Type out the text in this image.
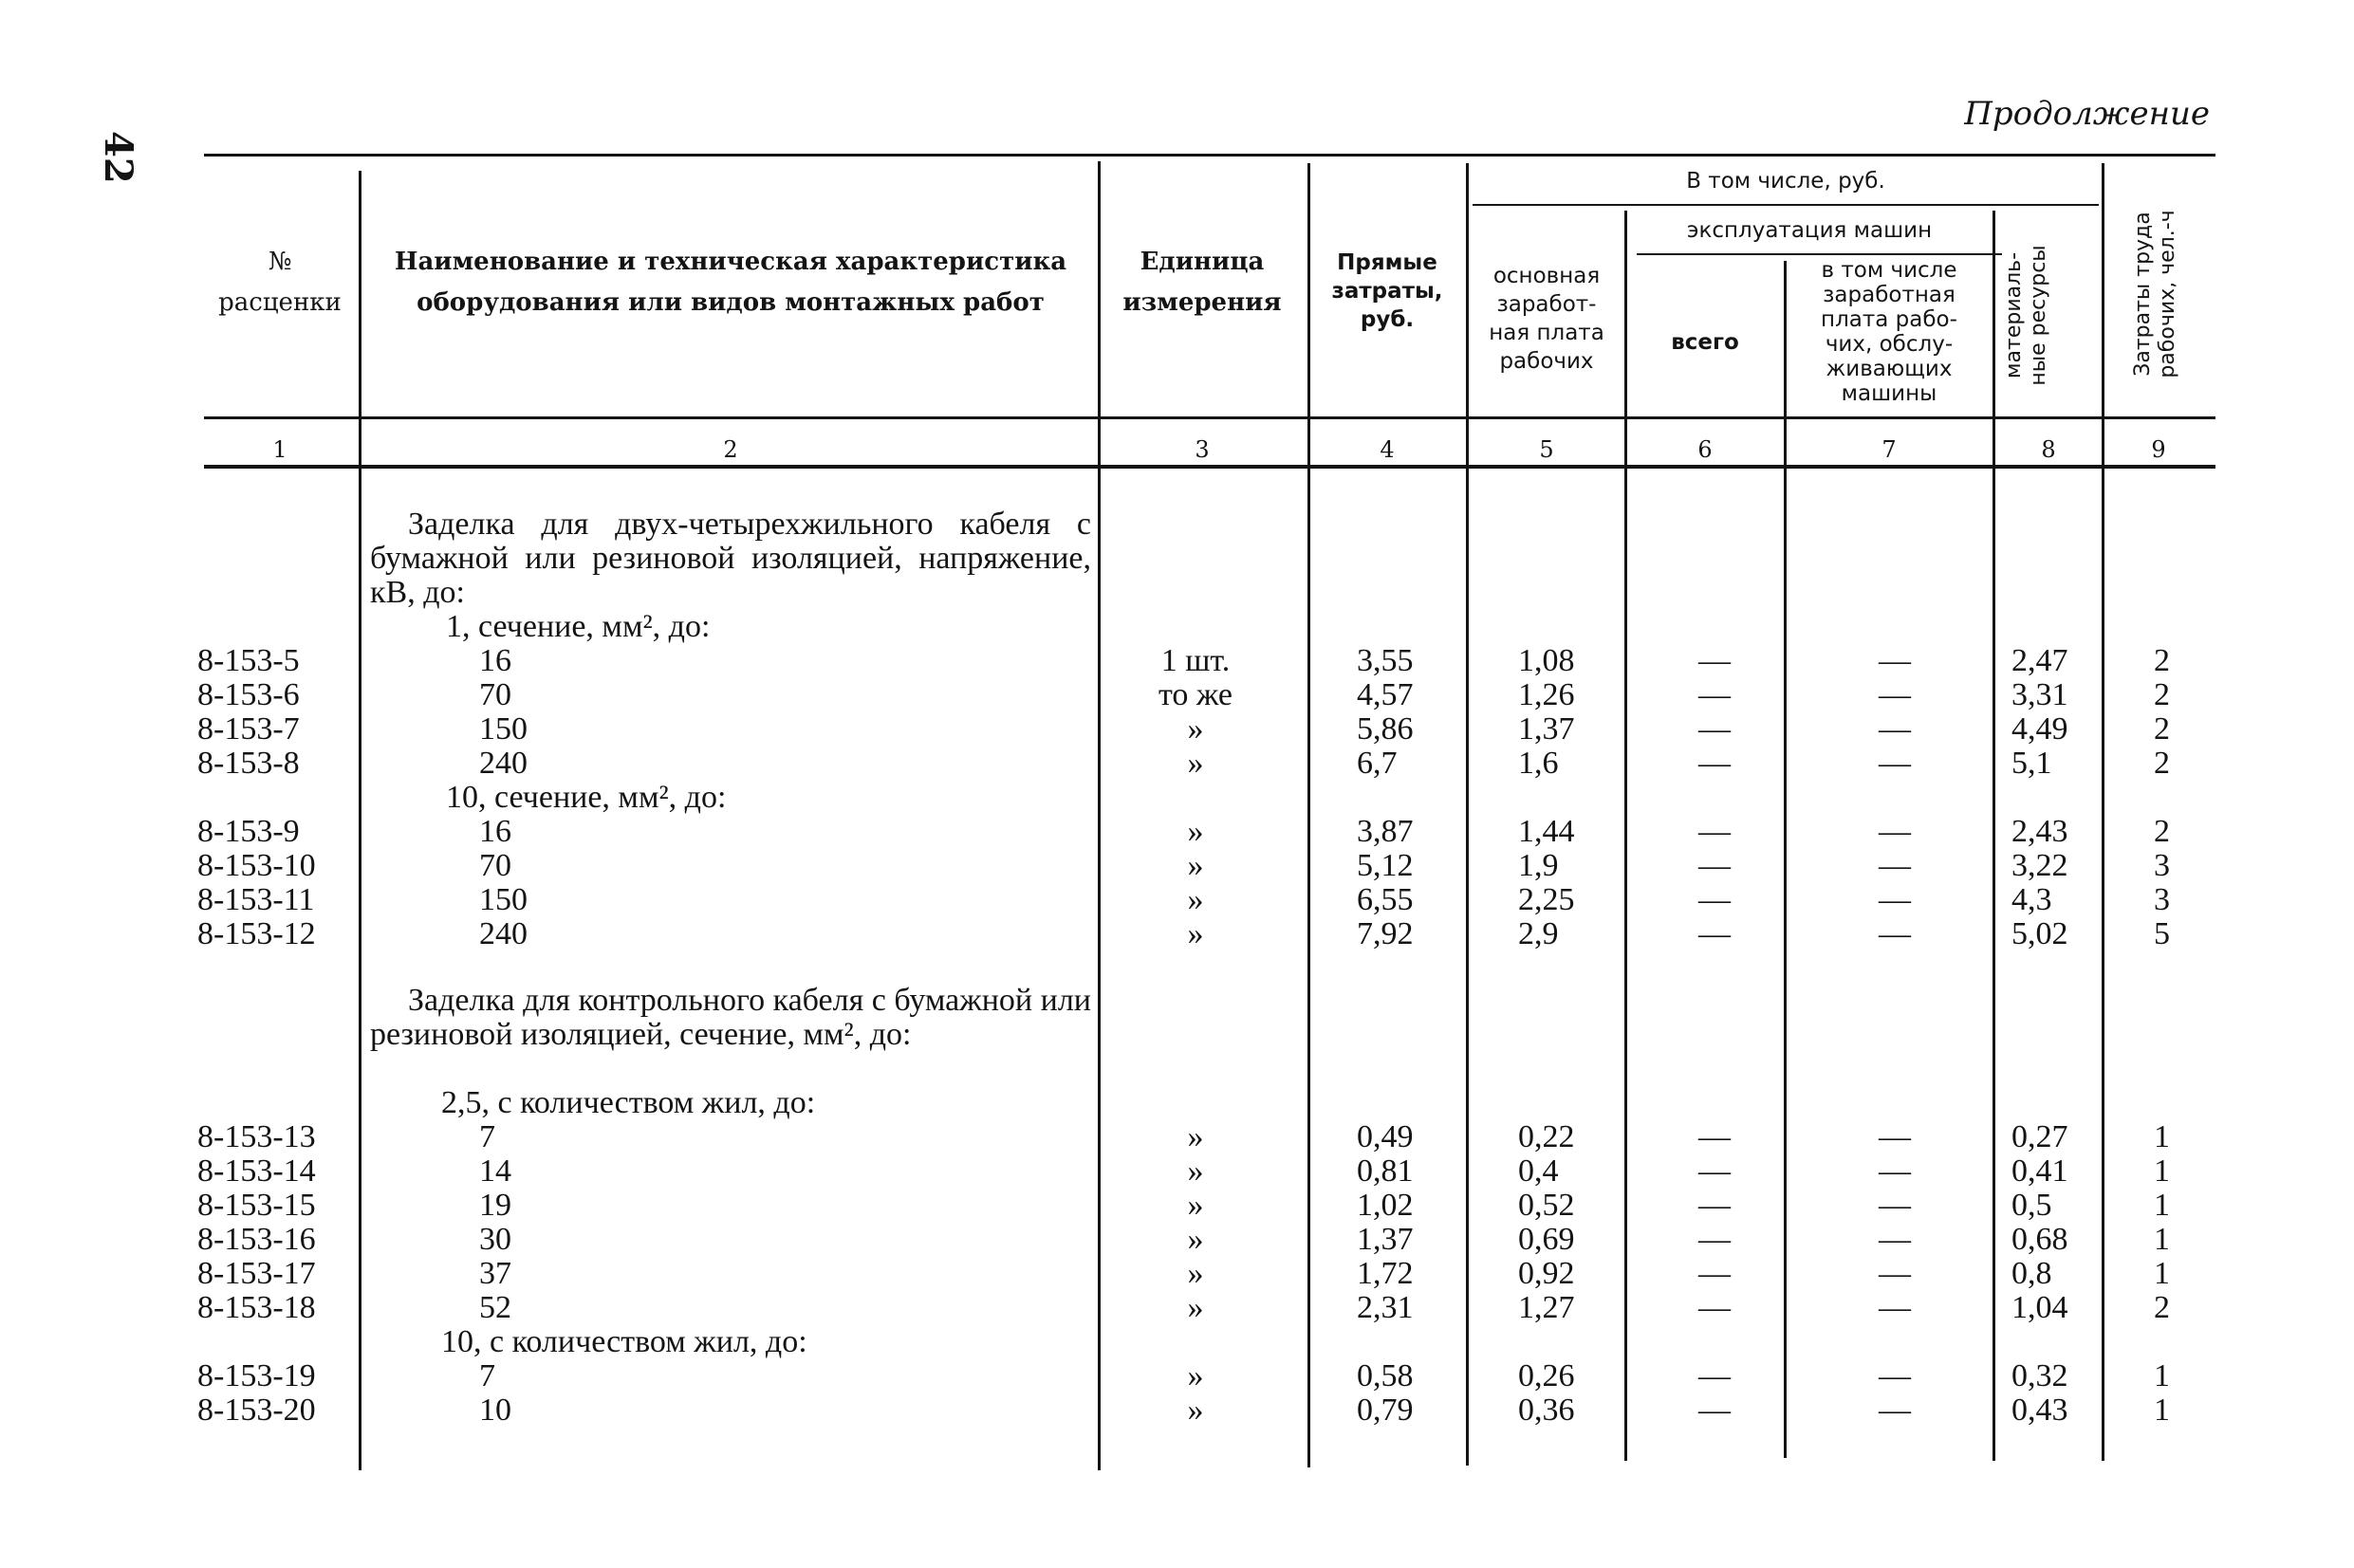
42
Продолжение
№
расценки
Наименование и техническая характеристика
оборудования или видов монтажных работ
Единица
измерения
Прямые
затраты,
руб.
В том числе, руб.
основная
заработ-
ная плата
рабочих
эксплуатация машин
всего
в том числе
заработная
плата рабо-
чих, обслу-
живающих
машины
материаль-
ные ресурсы	Затраты труда
рабочих, чел.-ч
1	2	3	4	5	6	7	8	9
Заделка для двух-четырехжильного кабеля с бумажной или резиновой изоляцией, напряжение, кВ, до:
1, сечение, мм², до:
8-153-5	16	1 шт.	3,55	1,08	—	—	2,47	2
8-153-6	70	то же	4,57	1,26	—	—	3,31	2
8-153-7	150	»	5,86	1,37	—	—	4,49	2
8-153-8	240	»	6,7	1,6	—	—	5,1	2
10, сечение, мм², до:
8-153-9	16	»	3,87	1,44	—	—	2,43	2
8-153-10	70	»	5,12	1,9	—	—	3,22	3
8-153-11	150	»	6,55	2,25	—	—	4,3	3
8-153-12	240	»	7,92	2,9	—	—	5,02	5
Заделка для контрольного кабеля с бумажной или резиновой изоляцией, сечение, мм², до:
2,5, с количеством жил, до:
8-153-13	7	»	0,49	0,22	—	—	0,27	1
8-153-14	14	»	0,81	0,4	—	—	0,41	1
8-153-15	19	»	1,02	0,52	—	—	0,5	1
8-153-16	30	»	1,37	0,69	—	—	0,68	1
8-153-17	37	»	1,72	0,92	—	—	0,8	1
8-153-18	52	»	2,31	1,27	—	—	1,04	2
10, с количеством жил, до:
8-153-19	7	»	0,58	0,26	—	—	0,32	1
8-153-20	10	»	0,79	0,36	—	—	0,43	1
